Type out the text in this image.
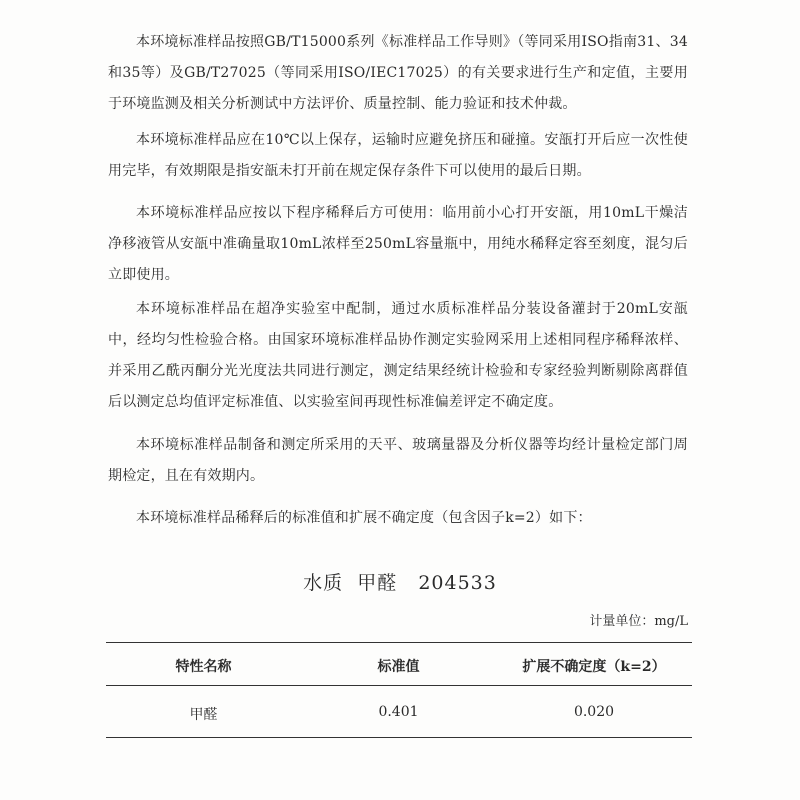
本环境标准样品按照GB/T15000系列《标准样品工作导则》（等同采用ISO指南31、34和35等）及GB/T27025（等同采用ISO/IEC17025）的有关要求进行生产和定值，主要用于环境监测及相关分析测试中方法评价、质量控制、能力验证和技术仲裁。

本环境标准样品应在10℃以上保存，运输时应避免挤压和碰撞。安瓿打开后应一次性使用完毕，有效期限是指安瓿未打开前在规定保存条件下可以使用的最后日期。

本环境标准样品应按以下程序稀释后方可使用：临用前小心打开安瓿，用10mL干燥洁净移液管从安瓿中准确量取10mL浓样至250mL容量瓶中，用纯水稀释定容至刻度，混匀后立即使用。

本环境标准样品在超净实验室中配制，通过水质标准样品分装设备灌封于20mL安瓿中，经均匀性检验合格。由国家环境标准样品协作测定实验网采用上述相同程序稀释浓样、并采用乙酰丙酮分光光度法共同进行测定，测定结果经统计检验和专家经验判断剔除离群值后以测定总均值评定标准值、以实验室间再现性标准偏差评定不确定度。

本环境标准样品制备和测定所采用的天平、玻璃量器及分析仪器等均经计量检定部门周期检定，且在有效期内。

本环境标准样品稀释后的标准值和扩展不确定度（包含因子k=2）如下：

水质  甲醛   204533

计量单位：mg/L

特性名称	标准值	扩展不确定度（k=2）

甲醛	0.401	0.020
